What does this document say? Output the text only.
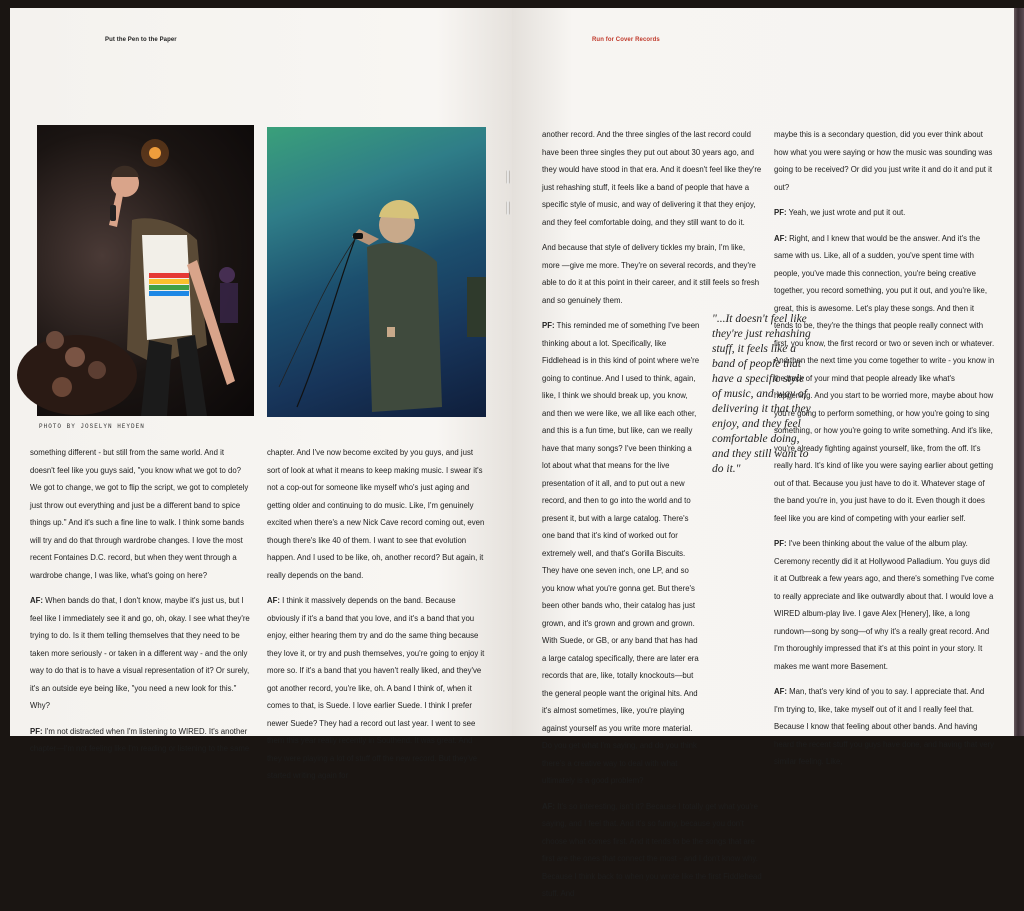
Put the Pen to the Paper
PHOTO BY JOSELYN HEYDEN

something different - but still from the same world. And it doesn't feel like you guys said, "you know what we got to do? We got to change, we got to flip the script, we got to completely just throw out everything and just be a different band to spice things up." And it's such a fine line to walk. I think some bands will try and do that through wardrobe changes. I love the most recent Fontaines D.C. record, but when they went through a wardrobe change, I was like, what's going on here?

AF: When bands do that, I don't know, maybe it's just us, but I feel like I immediately see it and go, oh, okay. I see what they're trying to do. Is it them telling themselves that they need to be taken more seriously - or taken in a different way - and the only way to do that is to have a visual representation of it? Or surely, it's an outside eye being like, "you need a new look for this." Why?

PF: I'm not distracted when I'm listening to WIRED. It's another chapter—I'm not feeling like I'm reading or listening to the same

chapter. And I've now become excited by you guys, and just sort of look at what it means to keep making music. I swear it's not a cop-out for someone like myself who's just aging and getting older and continuing to do music. Like, I'm genuinely excited when there's a new Nick Cave record coming out, even though there's like 40 of them. I want to see that evolution happen. And I used to be like, oh, another record? But again, it really depends on the band.

AF: I think it massively depends on the band. Because obviously if it's a band that you love, and it's a band that you enjoy, either hearing them try and do the same thing because they love it, or try and push themselves, you're going to enjoy it more so. If it's a band that you haven't really liked, and they've got another record, you're like, oh. A band I think of, when it comes to that, is Suede. I love earlier Suede. I think I prefer newer Suede? They had a record out last year. I went to see them this year really recently in Southend. It was great. And they were playing a lot of stuff off the new record. But they've started writing again for

Run for Cover Records

another record. And the three singles of the last record could have been three singles they put out about 30 years ago, and they would have stood in that era. And it doesn't feel like they're just rehashing stuff, it feels like a band of people that have a specific style of music, and way of delivering it that they enjoy, and they feel comfortable doing, and they still want to do it.

And because that style of delivery tickles my brain, I'm like, more —give me more. They're on several records, and they're able to do it at this point in their career, and it still feels so fresh and so genuinely them.

PF: This reminded me of something I've been thinking about a lot. Specifically, like Fiddlehead is in this kind of point where we're going to continue. And I used to think, again, like, I think we should break up, you know, and then we were like, we all like each other, and this is a fun time, but like, can we really have that many songs? I've been thinking a lot about what that means for the live presentation of it all, and to put out a new record, and then to go into the world and to present it, but with a large catalog. There's one band that it's kind of worked out for extremely well, and that's Gorilla Biscuits. They have one seven inch, one LP, and so you know what you're gonna get. But there's been other bands who, their catalog has just grown, and it's grown and grown and grown. With Suede, or GB, or any band that has had a large catalog specifically, there are later era records that are, like, totally knockouts—but the general people want the original hits. And it's almost sometimes, like, you're playing against yourself as you write more material. Do you get what I'm saying, and do you think there's a creative way to deal with what ultimately is a good problem?

AF: It's so interesting, isn't it? Because I totally get what you're saying, and I feel that. And it's so funny, because you don't choose what comes first. And it tends to be the songs that are first are the ones that connect the most - and I don't know why. Because I think back to when you wrote like the first Fiddlehead stuff. And

maybe this is a secondary question, did you ever think about how what you were saying or how the music was sounding was going to be received? Or did you just write it and do it and put it out?

PF: Yeah, we just wrote and put it out.

AF: Right, and I knew that would be the answer. And it's the same with us. Like, all of a sudden, you've spent time with people, you've made this connection, you're being creative together, you record something, you put it out, and you're like, great, this is awesome. Let's play these songs. And then it tends to be, they're the things that people really connect with first, you know, the first record or two or seven inch or whatever. And then the next time you come together to write - you know in the back of your mind that people already like what's happening. And you start to be worried more, maybe about how you're going to perform something, or how you're going to sing something, or how you're going to write something. And it's like, you're already fighting against yourself, like, from the off. It's really hard. It's kind of like you were saying earlier about getting out of that. Because you just have to do it. Whatever stage of the band you're in, you just have to do it. Even though it does feel like you are kind of competing with your earlier self.

PF: I've been thinking about the value of the album play. Ceremony recently did it at Hollywood Palladium. You guys did it at Outbreak a few years ago, and there's something I've come to really appreciate and like outwardly about that. I would love a WIRED album-play live. I gave Alex [Henery], like, a long rundown—song by song—of why it's a really great record. And I'm thoroughly impressed that it's at this point in your story. It makes me want more Basement.

AF: Man, that's very kind of you to say. I appreciate that. And I'm trying to, like, take myself out of it and I really feel that. Because I know that feeling about other bands. And having heard the recent stuff you guys have done, and having that very similar feeling. Like,

"...It doesn't feel like they're just rehashing stuff, it feels like a band of people that have a specific style of music, and way of delivering it that they enjoy, and they feel comfortable doing, and they still want to do it."
